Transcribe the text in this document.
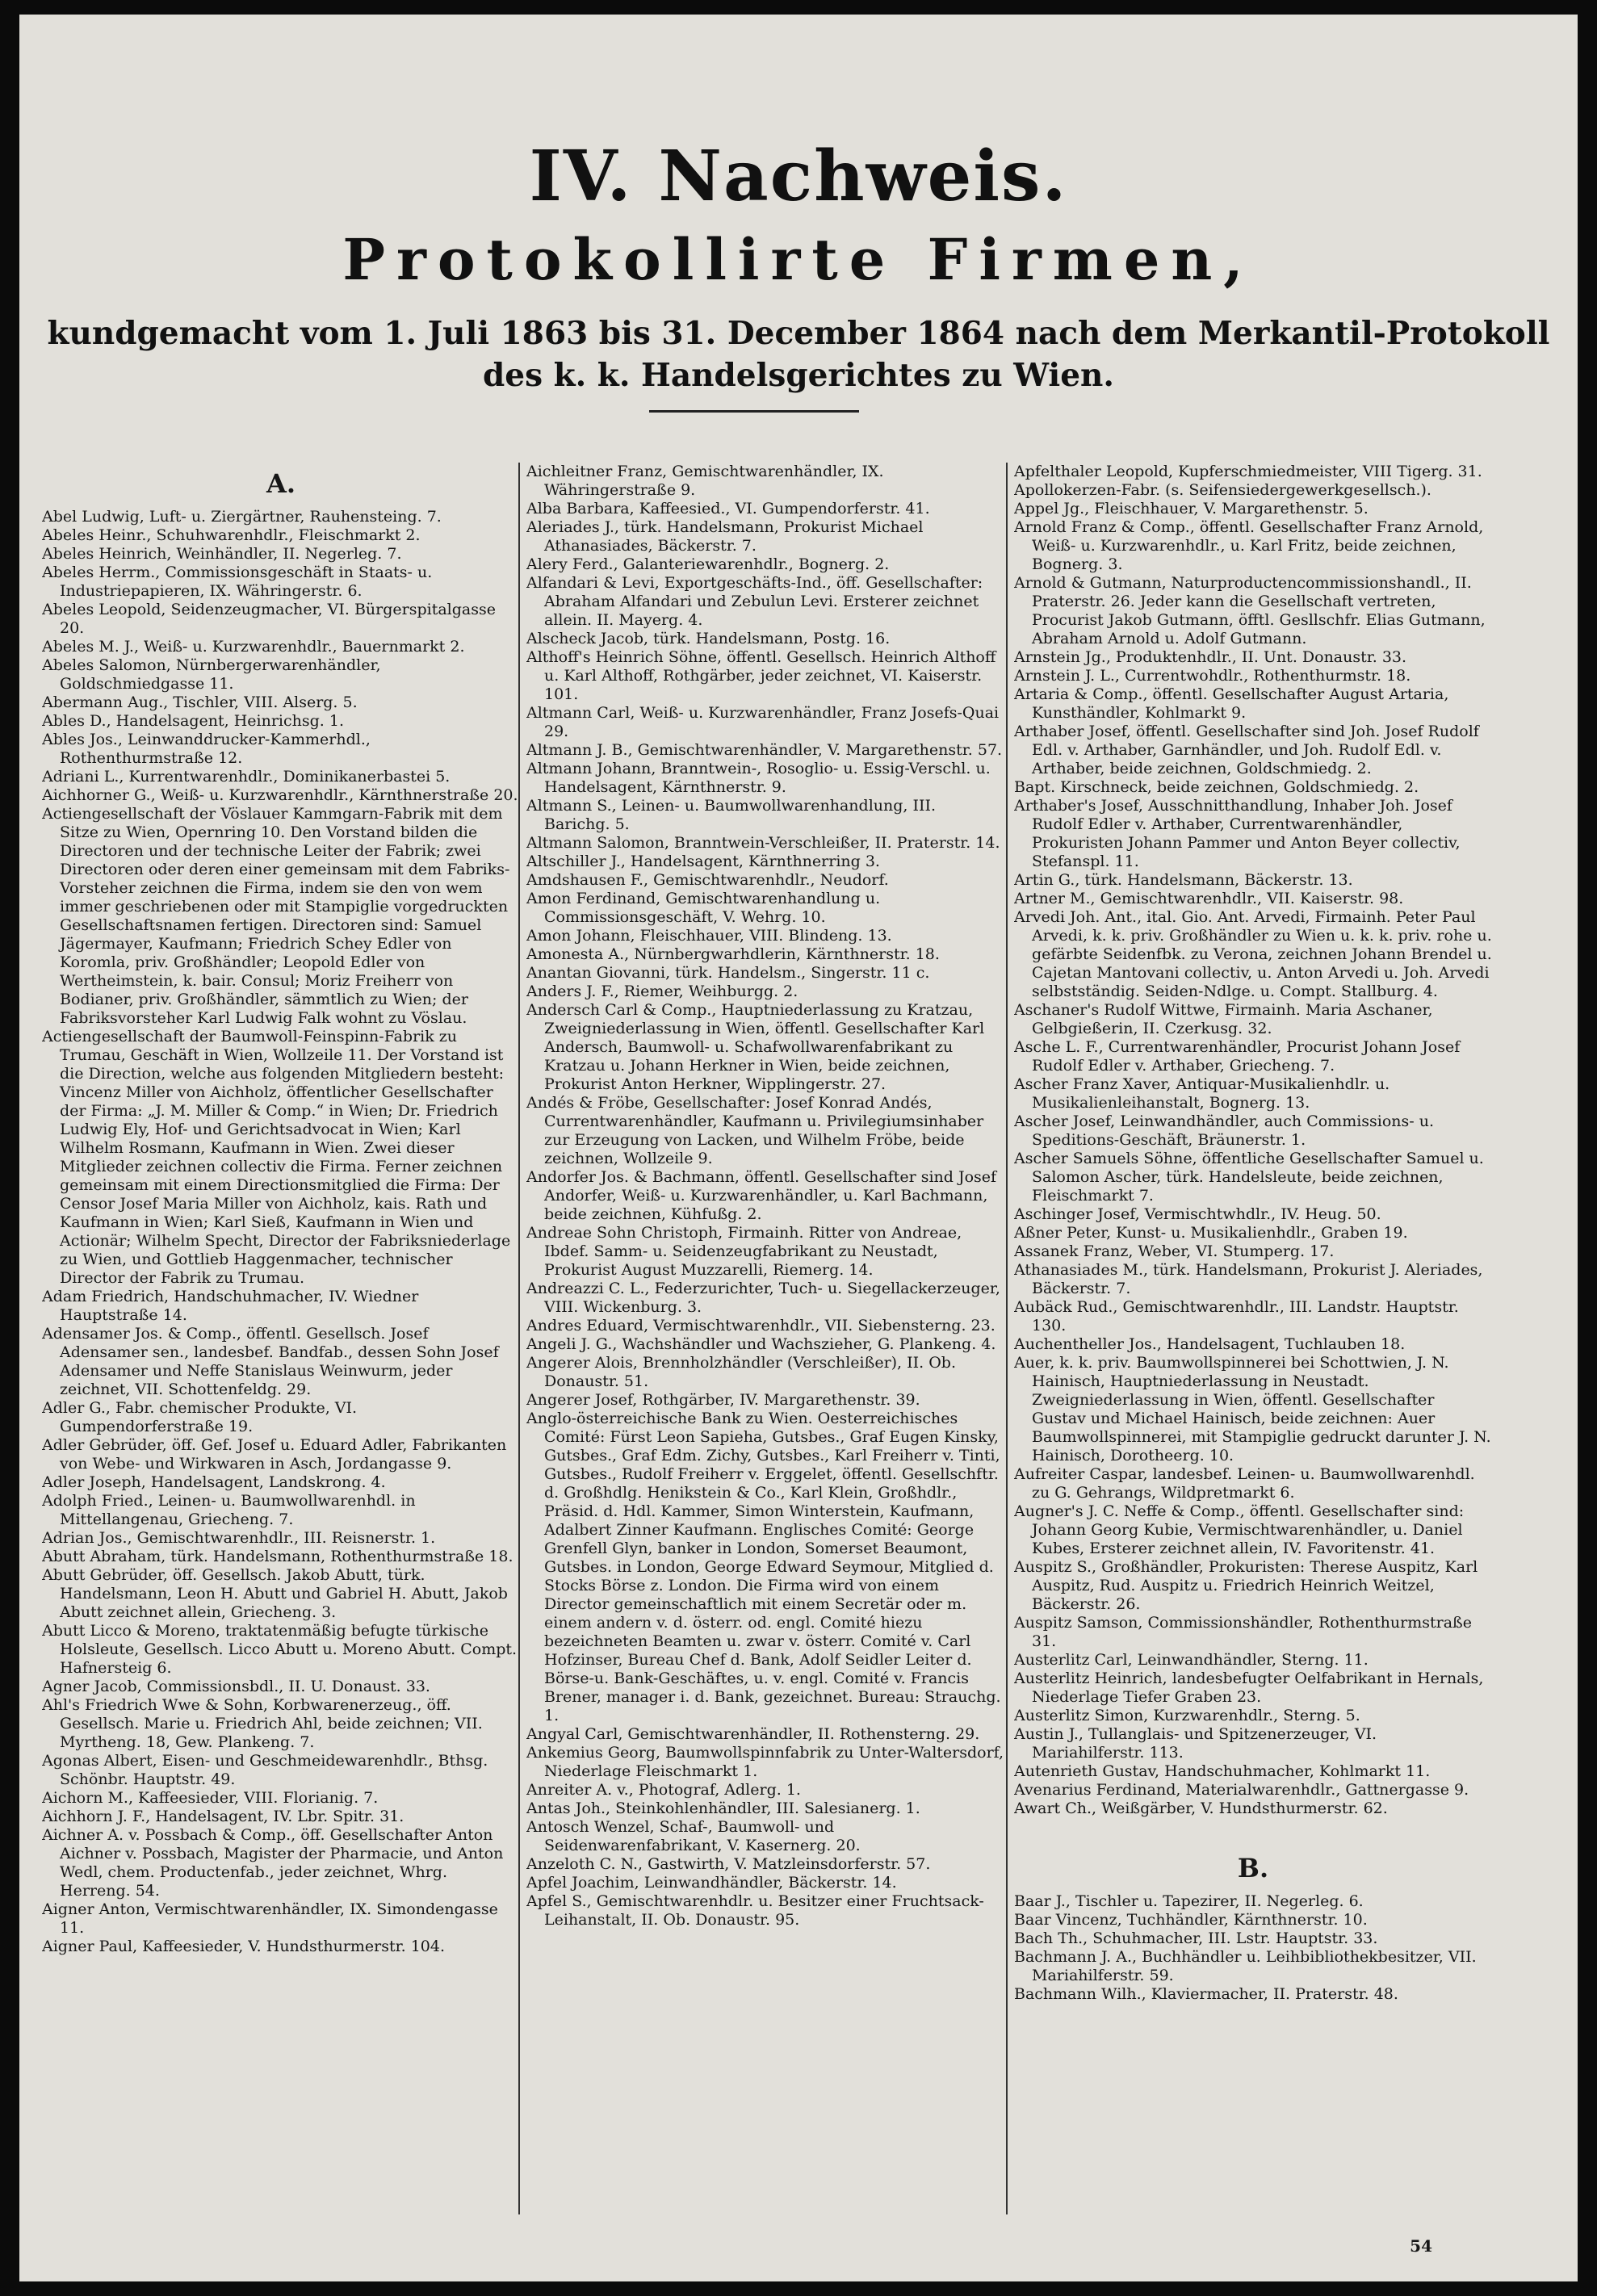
IV. Nachweis.
Protokollirte Firmen,
kundgemacht vom 1. Juli 1863 bis 31. December 1864 nach dem Merkantil-Protokoll
des k. k. Handelsgerichtes zu Wien.
A.

Abel Ludwig, Luft- u. Ziergärtner, Rauhensteing. 7.

Abeles Heinr., Schuhwarenhdlr., Fleischmarkt 2.

Abeles Heinrich, Weinhändler, II. Negerleg. 7.

Abeles Herrm., Commissionsgeschäft in Staats- u. Industriepapieren, IX. Währingerstr. 6.

Abeles Leopold, Seidenzeugmacher, VI. Bürgerspitalgasse 20.

Abeles M. J., Weiß- u. Kurzwarenhdlr., Bauernmarkt 2.

Abeles Salomon, Nürnbergerwarenhändler, Goldschmiedgasse 11.

Abermann Aug., Tischler, VIII. Alserg. 5.

Ables D., Handelsagent, Heinrichsg. 1.

Ables Jos., Leinwanddrucker-Kammerhdl., Rothenthurmstraße 12.

Adriani L., Kurrentwarenhdlr., Dominikanerbastei 5.

Aichhorner G., Weiß- u. Kurzwarenhdlr., Kärnthnerstraße 20.

Actiengesellschaft der Vöslauer Kammgarn-Fabrik mit dem Sitze zu Wien, Opernring 10. Den Vorstand bilden die Directoren und der technische Leiter der Fabrik; zwei Directoren oder deren einer gemeinsam mit dem Fabriks-Vorsteher zeichnen die Firma, indem sie den von wem immer geschriebenen oder mit Stampiglie vorgedruckten Gesellschaftsnamen fertigen. Directoren sind: Samuel Jägermayer, Kaufmann; Friedrich Schey Edler von Koromla, priv. Großhändler; Leopold Edler von Wertheimstein, k. bair. Consul; Moriz Freiherr von Bodianer, priv. Großhändler, sämmtlich zu Wien; der Fabriksvorsteher Karl Ludwig Falk wohnt zu Vöslau.

Actiengesellschaft der Baumwoll-Feinspinn-Fabrik zu Trumau, Geschäft in Wien, Wollzeile 11. Der Vorstand ist die Direction, welche aus folgenden Mitgliedern besteht: Vincenz Miller von Aichholz, öffentlicher Gesellschafter der Firma: „J. M. Miller & Comp.“ in Wien; Dr. Friedrich Ludwig Ely, Hof- und Gerichtsadvocat in Wien; Karl Wilhelm Rosmann, Kaufmann in Wien. Zwei dieser Mitglieder zeichnen collectiv die Firma. Ferner zeichnen gemeinsam mit einem Directionsmitglied die Firma: Der Censor Josef Maria Miller von Aichholz, kais. Rath und Kaufmann in Wien; Karl Sieß, Kaufmann in Wien und Actionär; Wilhelm Specht, Director der Fabriksniederlage zu Wien, und Gottlieb Haggenmacher, technischer Director der Fabrik zu Trumau.

Adam Friedrich, Handschuhmacher, IV. Wiedner Hauptstraße 14.

Adensamer Jos. & Comp., öffentl. Gesellsch. Josef Adensamer sen., landesbef. Bandfab., dessen Sohn Josef Adensamer und Neffe Stanislaus Weinwurm, jeder zeichnet, VII. Schottenfeldg. 29.

Adler G., Fabr. chemischer Produkte, VI. Gumpendorferstraße 19.

Adler Gebrüder, öff. Gef. Josef u. Eduard Adler, Fabrikanten von Webe- und Wirkwaren in Asch, Jordangasse 9.

Adler Joseph, Handelsagent, Landskrong. 4.

Adolph Fried., Leinen- u. Baumwollwarenhdl. in Mittellangenau, Griecheng. 7.

Adrian Jos., Gemischtwarenhdlr., III. Reisnerstr. 1.

Abutt Abraham, türk. Handelsmann, Rothenthurmstraße 18.

Abutt Gebrüder, öff. Gesellsch. Jakob Abutt, türk. Handelsmann, Leon H. Abutt und Gabriel H. Abutt, Jakob Abutt zeichnet allein, Griecheng. 3.

Abutt Licco & Moreno, traktatenmäßig befugte türkische Holsleute, Gesellsch. Licco Abutt u. Moreno Abutt. Compt. Hafnersteig 6.

Agner Jacob, Commissionsbdl., II. U. Donaust. 33.

Ahl's Friedrich Wwe & Sohn, Korbwarenerzeug., öff. Gesellsch. Marie u. Friedrich Ahl, beide zeichnen; VII. Myrtheng. 18, Gew. Plankeng. 7.

Agonas Albert, Eisen- und Geschmeidewarenhdlr., Bthsg. Schönbr. Hauptstr. 49.

Aichorn M., Kaffeesieder, VIII. Florianig. 7.

Aichhorn J. F., Handelsagent, IV. Lbr. Spitr. 31.

Aichner A. v. Possbach & Comp., öff. Gesellschafter Anton Aichner v. Possbach, Magister der Pharmacie, und Anton Wedl, chem. Productenfab., jeder zeichnet, Whrg. Herreng. 54.

Aigner Anton, Vermischtwarenhändler, IX. Simondengasse 11.

Aigner Paul, Kaffeesieder, V. Hundsthurmerstr. 104.

Aichleitner Franz, Gemischtwarenhändler, IX. Währingerstraße 9.

Alba Barbara, Kaffeesied., VI. Gumpendorferstr. 41.

Aleriades J., türk. Handelsmann, Prokurist Michael Athanasiades, Bäckerstr. 7.

Alery Ferd., Galanteriewarenhdlr., Bognerg. 2.

Alfandari & Levi, Exportgeschäfts-Ind., öff. Gesellschafter: Abraham Alfandari und Zebulun Levi. Ersterer zeichnet allein. II. Mayerg. 4.

Alscheck Jacob, türk. Handelsmann, Postg. 16.

Althoff's Heinrich Söhne, öffentl. Gesellsch. Heinrich Althoff u. Karl Althoff, Rothgärber, jeder zeichnet, VI. Kaiserstr. 101.

Altmann Carl, Weiß- u. Kurzwarenhändler, Franz Josefs-Quai 29.

Altmann J. B., Gemischtwarenhändler, V. Margarethenstr. 57.

Altmann Johann, Branntwein-, Rosoglio- u. Essig-Verschl. u. Handelsagent, Kärnthnerstr. 9.

Altmann S., Leinen- u. Baumwollwarenhandlung, III. Barichg. 5.

Altmann Salomon, Branntwein-Verschleißer, II. Praterstr. 14.

Altschiller J., Handelsagent, Kärnthnerring 3.

Amdshausen F., Gemischtwarenhdlr., Neudorf.

Amon Ferdinand, Gemischtwarenhandlung u. Commissionsgeschäft, V. Wehrg. 10.

Amon Johann, Fleischhauer, VIII. Blindeng. 13.

Amonesta A., Nürnbergwarhdlerin, Kärnthnerstr. 18.

Anantan Giovanni, türk. Handelsm., Singerstr. 11 c.

Anders J. F., Riemer, Weihburgg. 2.

Andersch Carl & Comp., Hauptniederlassung zu Kratzau, Zweigniederlassung in Wien, öffentl. Gesellschafter Karl Andersch, Baumwoll- u. Schafwollwarenfabrikant zu Kratzau u. Johann Herkner in Wien, beide zeichnen, Prokurist Anton Herkner, Wipplingerstr. 27.

Andés & Fröbe, Gesellschafter: Josef Konrad Andés, Currentwarenhändler, Kaufmann u. Privilegiumsinhaber zur Erzeugung von Lacken, und Wilhelm Fröbe, beide zeichnen, Wollzeile 9.

Andorfer Jos. & Bachmann, öffentl. Gesellschafter sind Josef Andorfer, Weiß- u. Kurzwarenhändler, u. Karl Bachmann, beide zeichnen, Kühfußg. 2.

Andreae Sohn Christoph, Firmainh. Ritter von Andreae, Ibdef. Samm- u. Seidenzeugfabrikant zu Neustadt, Prokurist August Muzzarelli, Riemerg. 14.

Andreazzi C. L., Federzurichter, Tuch- u. Siegellackerzeuger, VIII. Wickenburg. 3.

Andres Eduard, Vermischtwarenhdlr., VII. Siebensterng. 23.

Angeli J. G., Wachshändler und Wachszieher, G. Plankeng. 4.

Angerer Alois, Brennholzhändler (Verschleißer), II. Ob. Donaustr. 51.

Angerer Josef, Rothgärber, IV. Margarethenstr. 39.

Anglo-österreichische Bank zu Wien. Oesterreichisches Comité: Fürst Leon Sapieha, Gutsbes., Graf Eugen Kinsky, Gutsbes., Graf Edm. Zichy, Gutsbes., Karl Freiherr v. Tinti, Gutsbes., Rudolf Freiherr v. Erggelet, öffentl. Gesellschftr. d. Großhdlg. Henikstein & Co., Karl Klein, Großhdlr., Präsid. d. Hdl. Kammer, Simon Winterstein, Kaufmann, Adalbert Zinner Kaufmann. Englisches Comité: George Grenfell Glyn, banker in London, Somerset Beaumont, Gutsbes. in London, George Edward Seymour, Mitglied d. Stocks Börse z. London. Die Firma wird von einem Director gemeinschaftlich mit einem Secretär oder m. einem andern v. d. österr. od. engl. Comité hiezu bezeichneten Beamten u. zwar v. österr. Comité v. Carl Hofzinser, Bureau Chef d. Bank, Adolf Seidler Leiter d. Börse-u. Bank-Geschäftes, u. v. engl. Comité v. Francis Brener, manager i. d. Bank, gezeichnet. Bureau: Strauchg. 1.

Angyal Carl, Gemischtwarenhändler, II. Rothensterng. 29.

Ankemius Georg, Baumwollspinnfabrik zu Unter-Waltersdorf, Niederlage Fleischmarkt 1.

Anreiter A. v., Photograf, Adlerg. 1.

Antas Joh., Steinkohlenhändler, III. Salesianerg. 1.

Antosch Wenzel, Schaf-, Baumwoll- und Seidenwarenfabrikant, V. Kasernerg. 20.

Anzeloth C. N., Gastwirth, V. Matzleinsdorferstr. 57.

Apfel Joachim, Leinwandhändler, Bäckerstr. 14.

Apfel S., Gemischtwarenhdlr. u. Besitzer einer Fruchtsack-Leihanstalt, II. Ob. Donaustr. 95.

Apfelthaler Leopold, Kupferschmiedmeister, VIII Tigerg. 31.

Apollokerzen-Fabr. (s. Seifensiedergewerkgesellsch.).

Appel Jg., Fleischhauer, V. Margarethenstr. 5.

Arnold Franz & Comp., öffentl. Gesellschafter Franz Arnold, Weiß- u. Kurzwarenhdlr., u. Karl Fritz, beide zeichnen, Bognerg. 3.

Arnold & Gutmann, Naturproductencommissionshandl., II. Praterstr. 26. Jeder kann die Gesellschaft vertreten, Procurist Jakob Gutmann, öfftl. Gesllschfr. Elias Gutmann, Abraham Arnold u. Adolf Gutmann.

Arnstein Jg., Produktenhdlr., II. Unt. Donaustr. 33.

Arnstein J. L., Currentwohdlr., Rothenthurmstr. 18.

Artaria & Comp., öffentl. Gesellschafter August Artaria, Kunsthändler, Kohlmarkt 9.

Arthaber Josef, öffentl. Gesellschafter sind Joh. Josef Rudolf Edl. v. Arthaber, Garnhändler, und Joh. Rudolf Edl. v. Arthaber, beide zeichnen, Goldschmiedg. 2.

Bapt. Kirschneck, beide zeichnen, Goldschmiedg. 2.

Arthaber's Josef, Ausschnitthandlung, Inhaber Joh. Josef Rudolf Edler v. Arthaber, Currentwarenhändler, Prokuristen Johann Pammer und Anton Beyer collectiv, Stefanspl. 11.

Artin G., türk. Handelsmann, Bäckerstr. 13.

Artner M., Gemischtwarenhdlr., VII. Kaiserstr. 98.

Arvedi Joh. Ant., ital. Gio. Ant. Arvedi, Firmainh. Peter Paul Arvedi, k. k. priv. Großhändler zu Wien u. k. k. priv. rohe u. gefärbte Seidenfbk. zu Verona, zeichnen Johann Brendel u. Cajetan Mantovani collectiv, u. Anton Arvedi u. Joh. Arvedi selbstständig. Seiden-Ndlge. u. Compt. Stallburg. 4.

Aschaner's Rudolf Wittwe, Firmainh. Maria Aschaner, Gelbgießerin, II. Czerkusg. 32.

Asche L. F., Currentwarenhändler, Procurist Johann Josef Rudolf Edler v. Arthaber, Griecheng. 7.

Ascher Franz Xaver, Antiquar-Musikalienhdlr. u. Musikalienleihanstalt, Bognerg. 13.

Ascher Josef, Leinwandhändler, auch Commissions- u. Speditions-Geschäft, Bräunerstr. 1.

Ascher Samuels Söhne, öffentliche Gesellschafter Samuel u. Salomon Ascher, türk. Handelsleute, beide zeichnen, Fleischmarkt 7.

Aschinger Josef, Vermischtwhdlr., IV. Heug. 50.

Aßner Peter, Kunst- u. Musikalienhdlr., Graben 19.

Assanek Franz, Weber, VI. Stumperg. 17.

Athanasiades M., türk. Handelsmann, Prokurist J. Aleriades, Bäckerstr. 7.

Aubäck Rud., Gemischtwarenhdlr., III. Landstr. Hauptstr. 130.

Auchentheller Jos., Handelsagent, Tuchlauben 18.

Auer, k. k. priv. Baumwollspinnerei bei Schottwien, J. N. Hainisch, Hauptniederlassung in Neustadt. Zweigniederlassung in Wien, öffentl. Gesellschafter Gustav und Michael Hainisch, beide zeichnen: Auer Baumwollspinnerei, mit Stampiglie gedruckt darunter J. N. Hainisch, Dorotheerg. 10.

Aufreiter Caspar, landesbef. Leinen- u. Baumwollwarenhdl. zu G. Gehrangs, Wildpretmarkt 6.

Augner's J. C. Neffe & Comp., öffentl. Gesellschafter sind: Johann Georg Kubie, Vermischtwarenhändler, u. Daniel Kubes, Ersterer zeichnet allein, IV. Favoritenstr. 41.

Auspitz S., Großhändler, Prokuristen: Therese Auspitz, Karl Auspitz, Rud. Auspitz u. Friedrich Heinrich Weitzel, Bäckerstr. 26.

Auspitz Samson, Commissionshändler, Rothenthurmstraße 31.

Austerlitz Carl, Leinwandhändler, Sterng. 11.

Austerlitz Heinrich, landesbefugter Oelfabrikant in Hernals, Niederlage Tiefer Graben 23.

Austerlitz Simon, Kurzwarenhdlr., Sterng. 5.

Austin J., Tullanglais- und Spitzenerzeuger, VI. Mariahilferstr. 113.

Autenrieth Gustav, Handschuhmacher, Kohlmarkt 11.

Avenarius Ferdinand, Materialwarenhdlr., Gattnergasse 9.

Awart Ch., Weißgärber, V. Hundsthurmerstr. 62.

B.

Baar J., Tischler u. Tapezirer, II. Negerleg. 6.

Baar Vincenz, Tuchhändler, Kärnthnerstr. 10.

Bach Th., Schuhmacher, III. Lstr. Hauptstr. 33.

Bachmann J. A., Buchhändler u. Leihbibliothekbesitzer, VII. Mariahilferstr. 59.

Bachmann Wilh., Klaviermacher, II. Praterstr. 48.

54
